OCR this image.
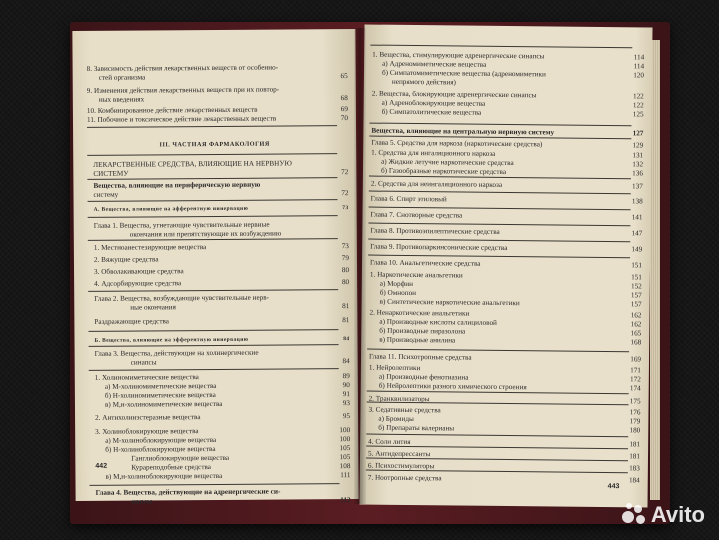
8. Зависимость действия лекарственных веществ от особенно-
стей организма	65
9. Изменения действия лекарственных веществ при их повтор-
ных введениях	68
10. Комбинированное действие лекарственных веществ	69
11. Побочное и токсическое действие лекарственных веществ	70
III. ЧАСТНАЯ ФАРМАКОЛОГИЯ
ЛЕКАРСТВЕННЫЕ СРЕДСТВА, ВЛИЯЮЩИЕ НА НЕРВНУЮ
СИСТЕМУ	72
Вещества, влияющие на периферическую нервную
систему	72
А. Вещества, влияющие на афферентную иннервацию	73
Глава 1. Вещества, угнетающие чувствительные нервные
окончания или препятствующие их возбуждению
1. Местноанестезирующие вещества	73
2. Вяжущие средства	79
3. Обволакивающие средства	80
4. Адсорбирующие средства	80
Глава 2. Вещества, возбуждающие чувствительные нерв-
ные окончания	81
Раздражающие средства	81
Б. Вещества, влияющие на эфферентную иннервацию	84
Глава 3. Вещества, действующие на холинергические
синапсы	84
1. Холиномиметические вещества	89
а) М-холиномиметические вещества	90
б) Н-холиномиметические вещества	91
в) М,н-холиномиметические вещества	93
2. Антихолинэстеразные вещества	95
3. Холиноблокирующие вещества	100
а) М-холиноблокирующие вещества	100
б) Н-холиноблокирующие вещества	105
Ганглиоблокирующие вещества	105
Курареподобные средства	108
в) М,н-холиноблокирующие вещества	111
Глава 4. Вещества, действующие на адренергические си-
напсы	112
442
1. Вещества, стимулирующие адренергические синапсы	114
а) Адреномиметические вещества	114
б) Симпатомиметические вещества (адреномиметики	120
непрямого действия)
2. Вещества, блокирующие адренергические синапсы	122
а) Адреноблокирующие вещества	122
б) Симпатолитические вещества	125
Вещества, влияющие на центральную нервную систему	127
Глава 5. Средства для наркоза (наркотические средства)	129
1. Средства для ингаляционного наркоза	131
а) Жидкие летучие наркотические средства	132
б) Газообразные наркотические средства	136
2. Средства для неингаляционного наркоза	137
Глава 6. Спирт этиловый	138
Глава 7. Снотворные средства	141
Глава 8. Противоэпилептические средства	147
Глава 9. Противопаркинсонические средства	149
Глава 10. Анальгетические средства	151
1. Наркотические анальгетики	151
а) Морфин	152
б) Омнопон	157
в) Синтетические наркотические анальгетики	157
2. Ненаркотические анальгетики	162
а) Производные кислоты салициловой	162
б) Производные пиразолона	165
в) Производные анилина	168
Глава 11. Психотропные средства	169
1. Нейролептики	171
а) Производные фенотиазина	172
б) Нейролептики разного химического строения	174
2. Транквилизаторы	175
3. Седативные средства	176
а) Бромиды	179
б) Препараты валерианы	180
4. Соли лития	181
5. Антидепрессанты	181
6. Психостимуляторы	183
7. Ноотропные средства	184
443
Avito
